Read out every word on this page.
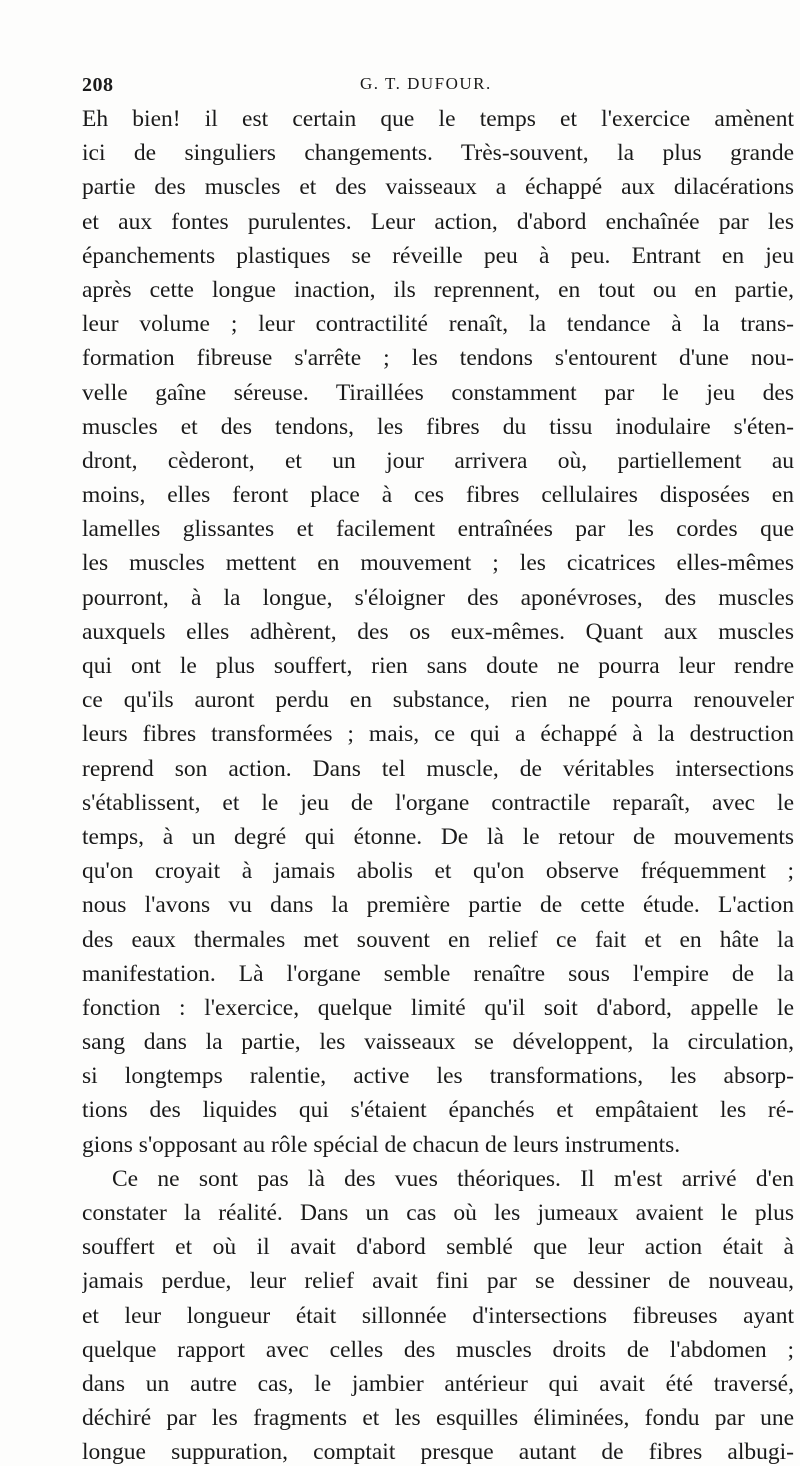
208	G. T. DUFOUR.
Eh bien! il est certain que le temps et l'exercice amènent
ici de singuliers changements. Très-souvent, la plus grande
partie des muscles et des vaisseaux a échappé aux dilacérations
et aux fontes purulentes. Leur action, d'abord enchaînée par les
épanchements plastiques se réveille peu à peu. Entrant en jeu
après cette longue inaction, ils reprennent, en tout ou en partie,
leur volume ; leur contractilité renaît, la tendance à la trans-
formation fibreuse s'arrête ; les tendons s'entourent d'une nou-
velle gaîne séreuse. Tiraillées constamment par le jeu des
muscles et des tendons, les fibres du tissu inodulaire s'éten-
dront, cèderont, et un jour arrivera où, partiellement au
moins, elles feront place à ces fibres cellulaires disposées en
lamelles glissantes et facilement entraînées par les cordes que
les muscles mettent en mouvement ; les cicatrices elles-mêmes
pourront, à la longue, s'éloigner des aponévroses, des muscles
auxquels elles adhèrent, des os eux-mêmes. Quant aux muscles
qui ont le plus souffert, rien sans doute ne pourra leur rendre
ce qu'ils auront perdu en substance, rien ne pourra renouveler
leurs fibres transformées ; mais, ce qui a échappé à la destruction
reprend son action. Dans tel muscle, de véritables intersections
s'établissent, et le jeu de l'organe contractile reparaît, avec le
temps, à un degré qui étonne. De là le retour de mouvements
qu'on croyait à jamais abolis et qu'on observe fréquemment ;
nous l'avons vu dans la première partie de cette étude. L'action
des eaux thermales met souvent en relief ce fait et en hâte la
manifestation. Là l'organe semble renaître sous l'empire de la
fonction : l'exercice, quelque limité qu'il soit d'abord, appelle le
sang dans la partie, les vaisseaux se développent, la circulation,
si longtemps ralentie, active les transformations, les absorp-
tions des liquides qui s'étaient épanchés et empâtaient les ré-
gions s'opposant au rôle spécial de chacun de leurs instruments.
Ce ne sont pas là des vues théoriques. Il m'est arrivé d'en
constater la réalité. Dans un cas où les jumeaux avaient le plus
souffert et où il avait d'abord semblé que leur action était à
jamais perdue, leur relief avait fini par se dessiner de nouveau,
et leur longueur était sillonnée d'intersections fibreuses ayant
quelque rapport avec celles des muscles droits de l'abdomen ;
dans un autre cas, le jambier antérieur qui avait été traversé,
déchiré par les fragments et les esquilles éliminées, fondu par une
longue suppuration, comptait presque autant de fibres albugi-
